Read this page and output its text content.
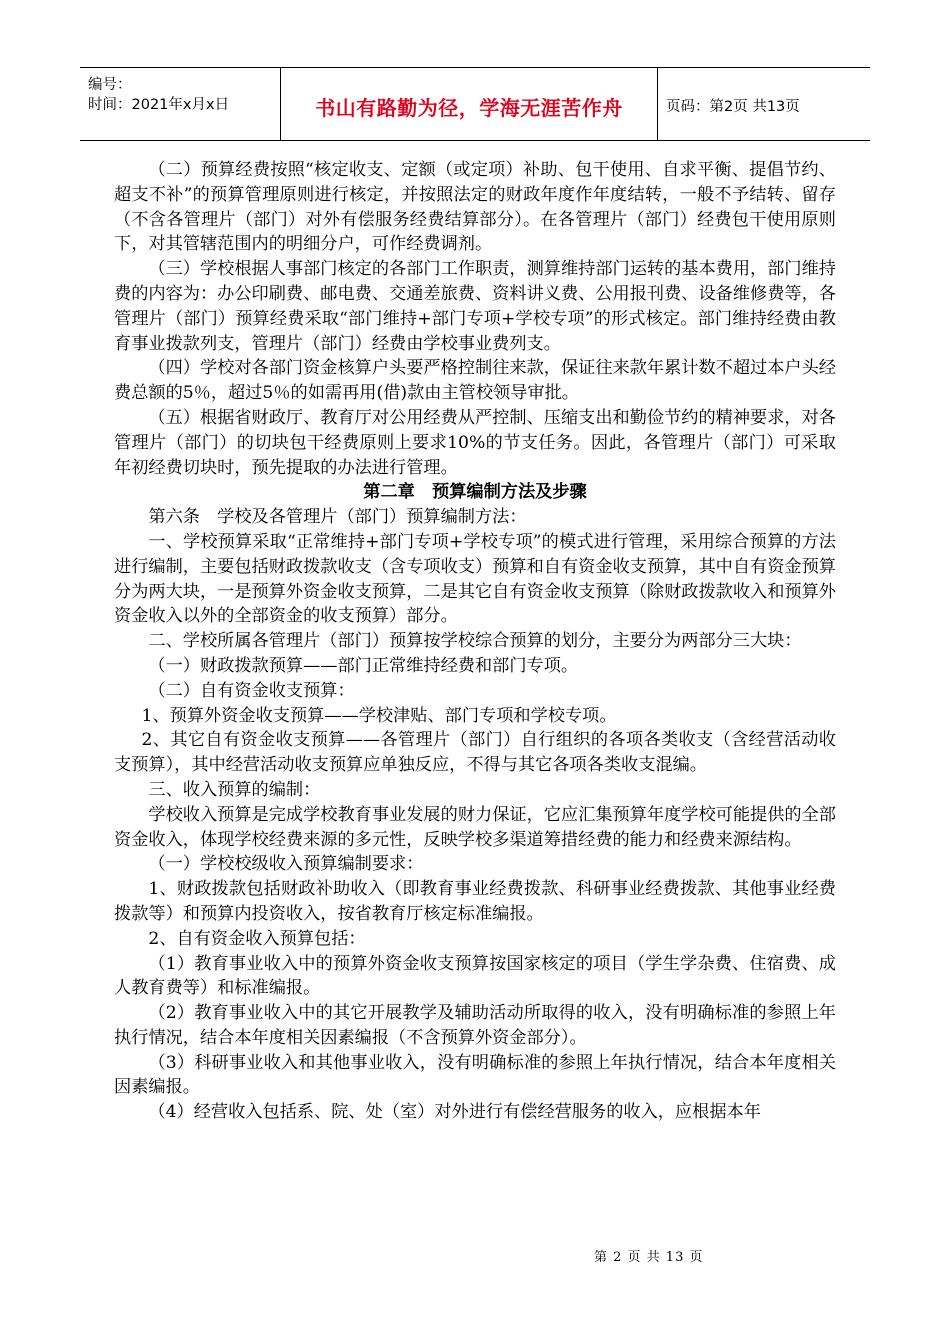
编号：
时间：2021年x月x日	书山有路勤为径，学海无涯苦作舟	页码：第2页 共13页

（二）预算经费按照“核定收支、定额（或定项）补助、包干使用、自求平衡、提倡节约、超支不补”的预算管理原则进行核定，并按照法定的财政年度作年度结转，一般不予结转、留存（不含各管理片（部门）对外有偿服务经费结算部分）。在各管理片（部门）经费包干使用原则下，对其管辖范围内的明细分户，可作经费调剂。

（三）学校根据人事部门核定的各部门工作职责，测算维持部门运转的基本费用，部门维持费的内容为：办公印刷费、邮电费、交通差旅费、资料讲义费、公用报刊费、设备维修费等，各管理片（部门）预算经费采取“部门维持+部门专项+学校专项”的形式核定。部门维持经费由教育事业拨款列支，管理片（部门）经费由学校事业费列支。

（四）学校对各部门资金核算户头要严格控制往来款，保证往来款年累计数不超过本户头经费总额的5％，超过5％的如需再用(借)款由主管校领导审批。

（五）根据省财政厅、教育厅对公用经费从严控制、压缩支出和勤俭节约的精神要求，对各管理片（部门）的切块包干经费原则上要求10%的节支任务。因此，各管理片（部门）可采取年初经费切块时，预先提取的办法进行管理。

第二章　预算编制方法及步骤

第六条　学校及各管理片（部门）预算编制方法：

一、学校预算采取“正常维持+部门专项+学校专项”的模式进行管理，采用综合预算的方法进行编制，主要包括财政拨款收支（含专项收支）预算和自有资金收支预算，其中自有资金预算分为两大块，一是预算外资金收支预算，二是其它自有资金收支预算（除财政拨款收入和预算外资金收入以外的全部资金的收支预算）部分。

二、学校所属各管理片（部门）预算按学校综合预算的划分，主要分为两部分三大块：

（一）财政拨款预算——部门正常维持经费和部门专项。

（二）自有资金收支预算：

1、预算外资金收支预算——学校津贴、部门专项和学校专项。

2、其它自有资金收支预算——各管理片（部门）自行组织的各项各类收支（含经营活动收支预算），其中经营活动收支预算应单独反应，不得与其它各项各类收支混编。

三、收入预算的编制：

学校收入预算是完成学校教育事业发展的财力保证，它应汇集预算年度学校可能提供的全部资金收入，体现学校经费来源的多元性，反映学校多渠道筹措经费的能力和经费来源结构。

（一）学校校级收入预算编制要求：

1、财政拨款包括财政补助收入（即教育事业经费拨款、科研事业经费拨款、其他事业经费拨款等）和预算内投资收入，按省教育厅核定标准编报。

2、自有资金收入预算包括：

（1）教育事业收入中的预算外资金收支预算按国家核定的项目（学生学杂费、住宿费、成人教育费等）和标准编报。

（2）教育事业收入中的其它开展教学及辅助活动所取得的收入，没有明确标准的参照上年执行情况，结合本年度相关因素编报（不含预算外资金部分）。

（3）科研事业收入和其他事业收入，没有明确标准的参照上年执行情况，结合本年度相关因素编报。

（4）经营收入包括系、院、处（室）对外进行有偿经营服务的收入，应根据本年

第 2 页 共 13 页
